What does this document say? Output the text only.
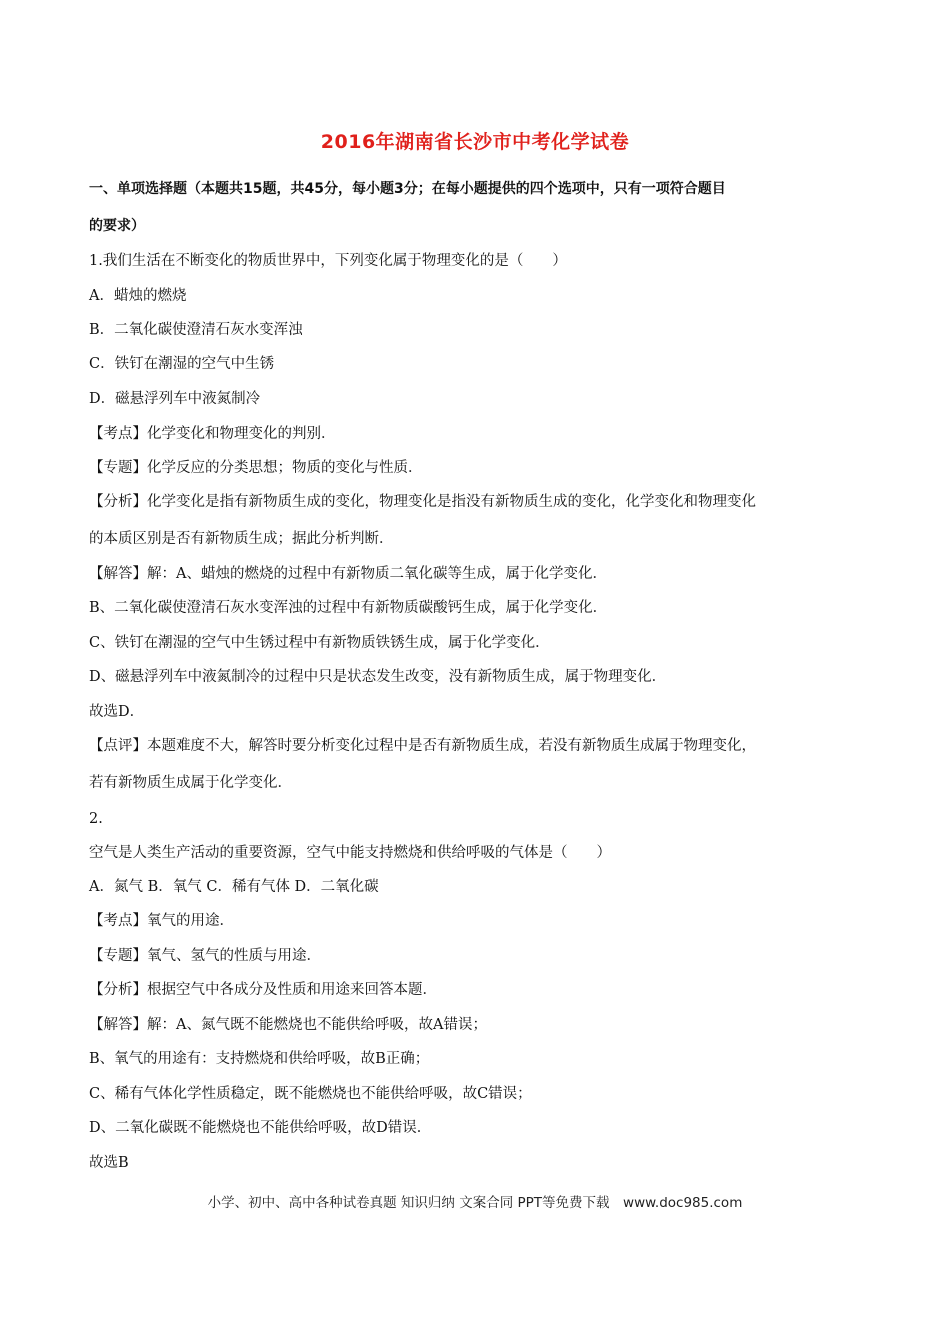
2016年湖南省长沙市中考化学试卷
一、单项选择题（本题共15题，共45分，每小题3分；在每小题提供的四个选项中，只有一项符合题目
的要求）
1.我们生活在不断变化的物质世界中，下列变化属于物理变化的是（　　）
A．蜡烛的燃烧
B．二氧化碳使澄清石灰水变浑浊
C．铁钉在潮湿的空气中生锈
D．磁悬浮列车中液氮制冷
【考点】化学变化和物理变化的判别．
【专题】化学反应的分类思想；物质的变化与性质．
【分析】化学变化是指有新物质生成的变化，物理变化是指没有新物质生成的变化，化学变化和物理变化
的本质区别是否有新物质生成；据此分析判断．
【解答】解：A、蜡烛的燃烧的过程中有新物质二氧化碳等生成，属于化学变化．
B、二氧化碳使澄清石灰水变浑浊的过程中有新物质碳酸钙生成，属于化学变化．
C、铁钉在潮湿的空气中生锈过程中有新物质铁锈生成，属于化学变化．
D、磁悬浮列车中液氮制冷的过程中只是状态发生改变，没有新物质生成，属于物理变化．
故选D．
【点评】本题难度不大，解答时要分析变化过程中是否有新物质生成，若没有新物质生成属于物理变化，
若有新物质生成属于化学变化．
2.
空气是人类生产活动的重要资源，空气中能支持燃烧和供给呼吸的气体是（　　）
A．氮气 B．氧气 C．稀有气体 D．二氧化碳
【考点】氧气的用途．
【专题】氧气、氢气的性质与用途．
【分析】根据空气中各成分及性质和用途来回答本题．
【解答】解：A、氮气既不能燃烧也不能供给呼吸，故A错误；
B、氧气的用途有：支持燃烧和供给呼吸，故B正确；
C、稀有气体化学性质稳定，既不能燃烧也不能供给呼吸，故C错误；
D、二氧化碳既不能燃烧也不能供给呼吸，故D错误．
故选B
小学、初中、高中各种试卷真题 知识归纳 文案合同 PPT等免费下载　www.doc985.com
